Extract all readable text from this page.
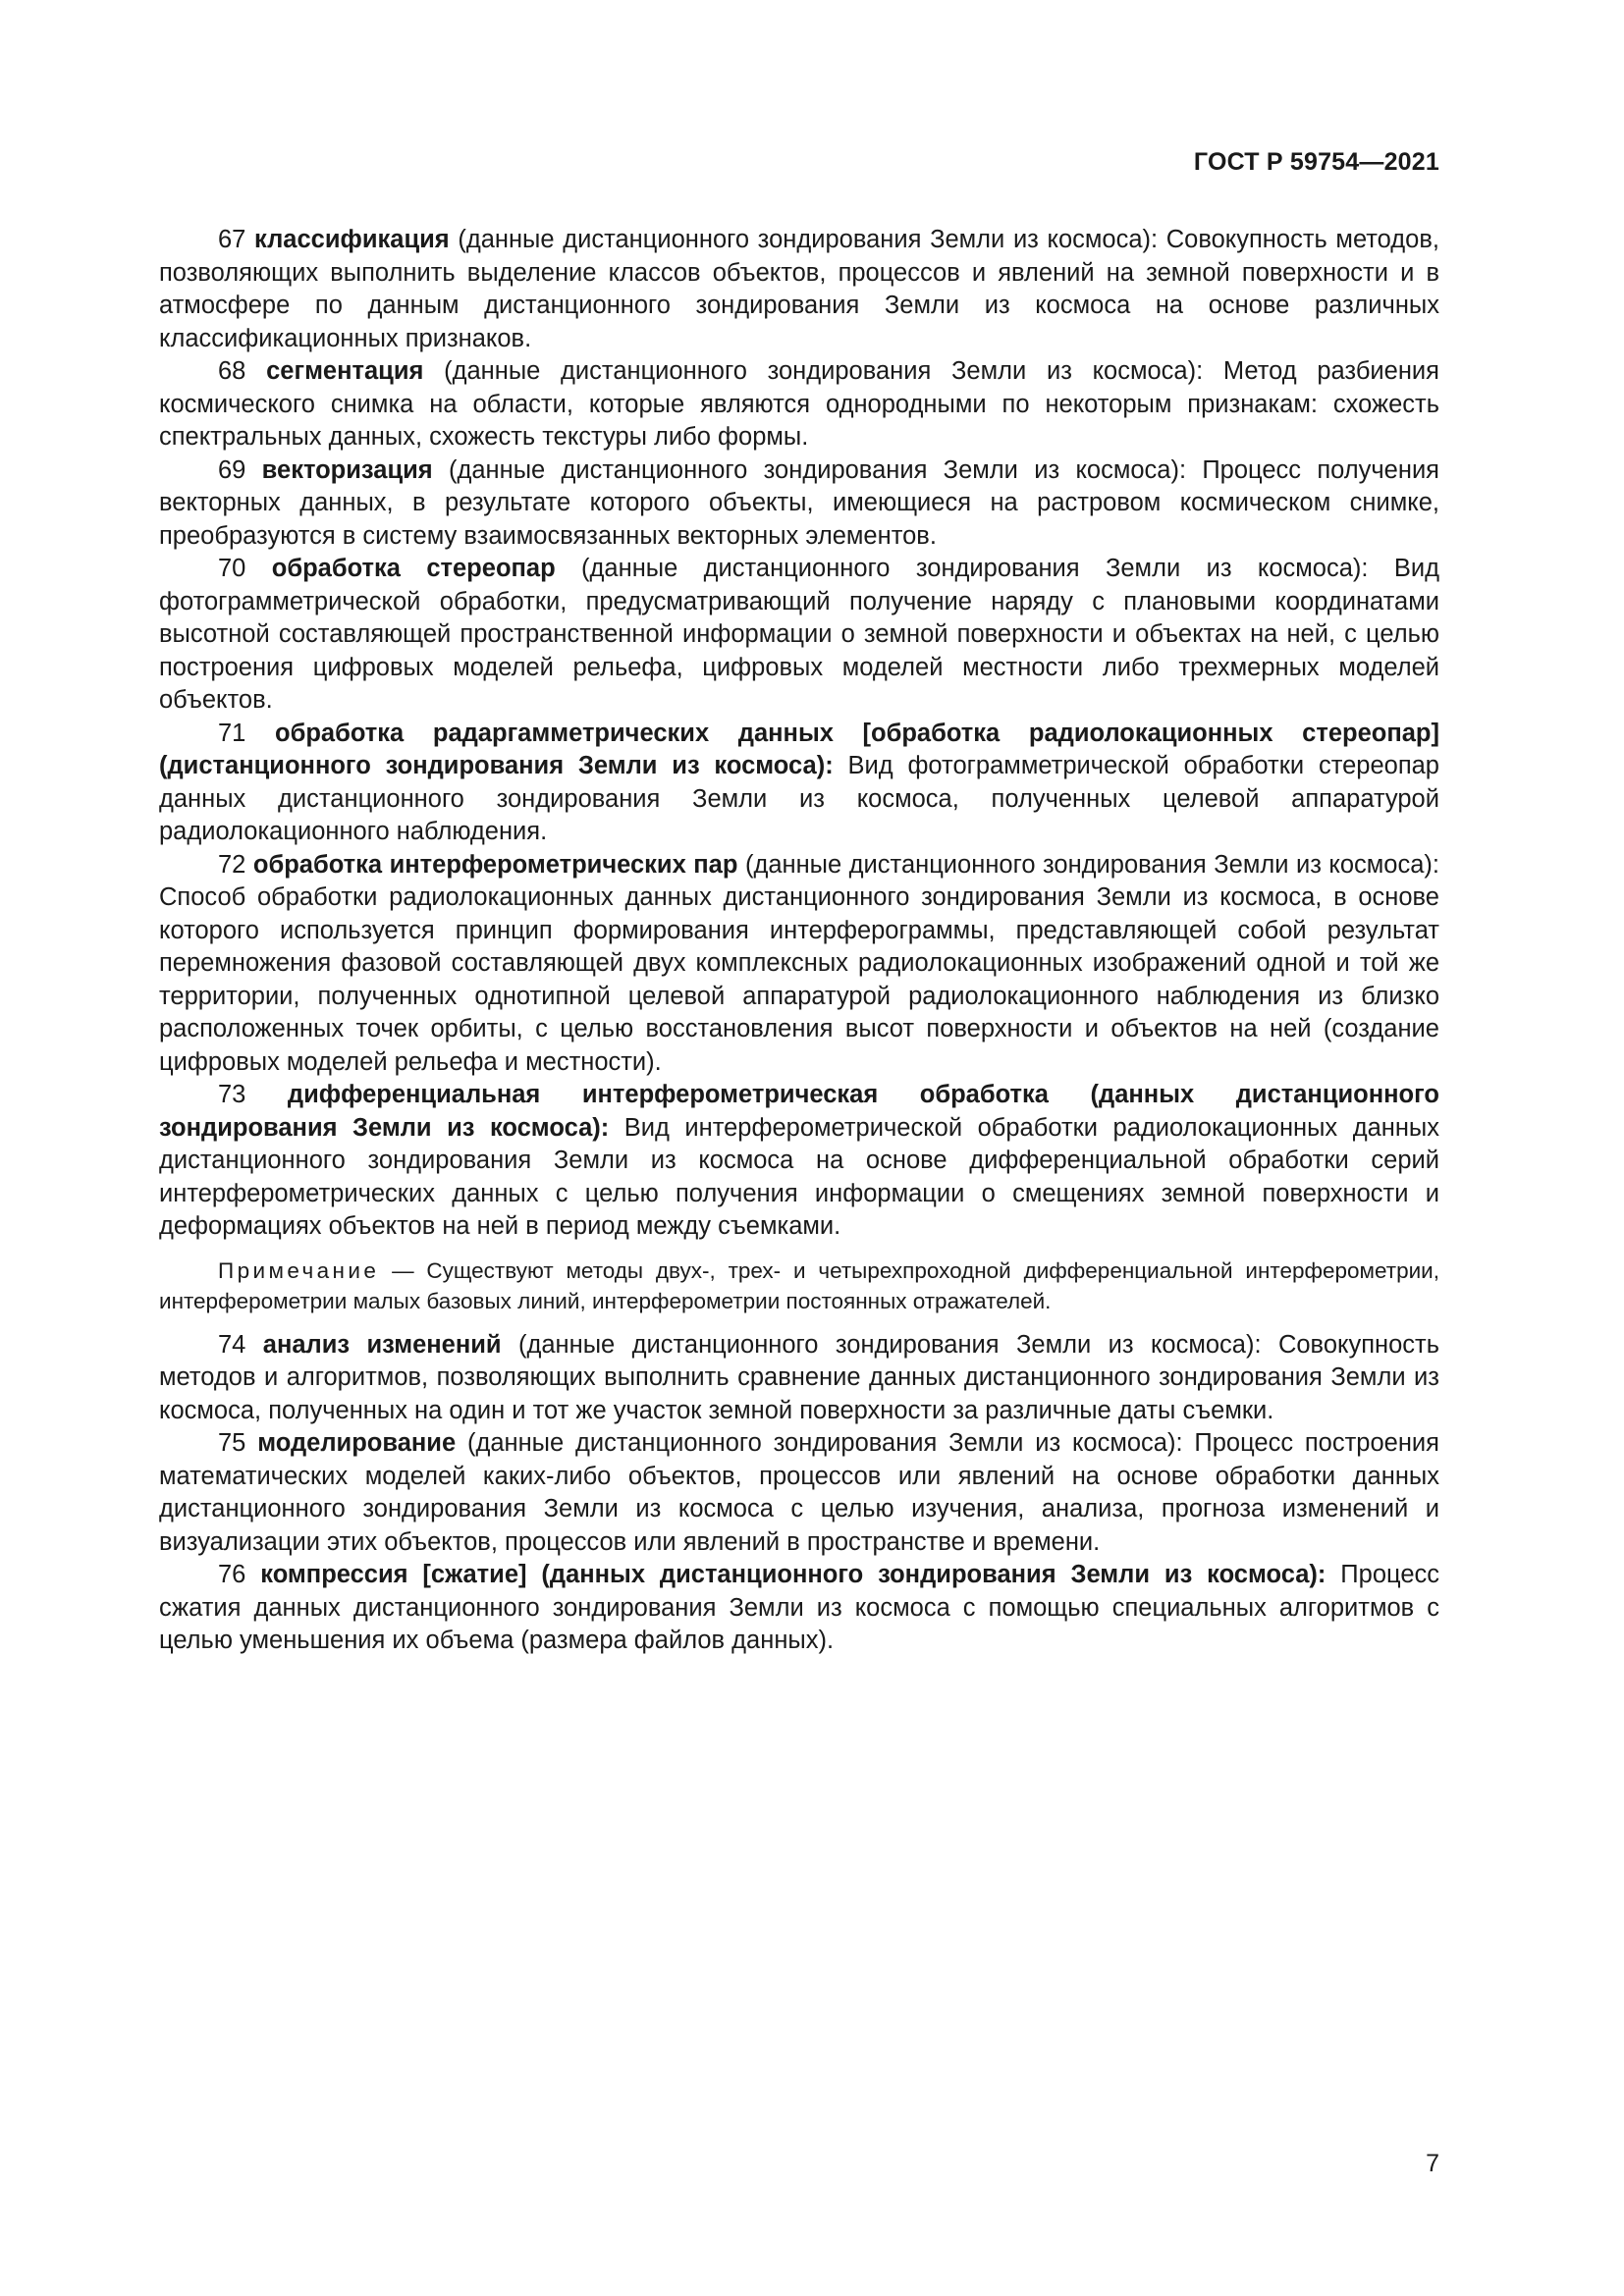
ГОСТ Р 59754—2021

67 классификация (данные дистанционного зондирования Земли из космоса): Совокупность методов, позволяющих выполнить выделение классов объектов, процессов и явлений на земной поверхности и в атмосфере по данным дистанционного зондирования Земли из космоса на основе различных классификационных признаков.

68 сегментация (данные дистанционного зондирования Земли из космоса): Метод разбиения космического снимка на области, которые являются однородными по некоторым признакам: схожесть спектральных данных, схожесть текстуры либо формы.

69 векторизация (данные дистанционного зондирования Земли из космоса): Процесс получения векторных данных, в результате которого объекты, имеющиеся на растровом космическом снимке, преобразуются в систему взаимосвязанных векторных элементов.

70 обработка стереопар (данные дистанционного зондирования Земли из космоса): Вид фотограмметрической обработки, предусматривающий получение наряду с плановыми координатами высотной составляющей пространственной информации о земной поверхности и объектах на ней, с целью построения цифровых моделей рельефа, цифровых моделей местности либо трехмерных моделей объектов.

71 обработка радаргамметрических данных [обработка радиолокационных стереопар] (дистанционного зондирования Земли из космоса): Вид фотограмметрической обработки стереопар данных дистанционного зондирования Земли из космоса, полученных целевой аппаратурой радиолокационного наблюдения.

72 обработка интерферометрических пар (данные дистанционного зондирования Земли из космоса): Способ обработки радиолокационных данных дистанционного зондирования Земли из космоса, в основе которого используется принцип формирования интерферограммы, представляющей собой результат перемножения фазовой составляющей двух комплексных радиолокационных изображений одной и той же территории, полученных однотипной целевой аппаратурой радиолокационного наблюдения из близко расположенных точек орбиты, с целью восстановления высот поверхности и объектов на ней (создание цифровых моделей рельефа и местности).

73 дифференциальная интерферометрическая обработка (данных дистанционного зондирования Земли из космоса): Вид интерферометрической обработки радиолокационных данных дистанционного зондирования Земли из космоса на основе дифференциальной обработки серий интерферометрических данных с целью получения информации о смещениях земной поверхности и деформациях объектов на ней в период между съемками.

Примечание — Существуют методы двух-, трех- и четырехпроходной дифференциальной интерферометрии, интерферометрии малых базовых линий, интерферометрии постоянных отражателей.

74 анализ изменений (данные дистанционного зондирования Земли из космоса): Совокупность методов и алгоритмов, позволяющих выполнить сравнение данных дистанционного зондирования Земли из космоса, полученных на один и тот же участок земной поверхности за различные даты съемки.

75 моделирование (данные дистанционного зондирования Земли из космоса): Процесс построения математических моделей каких-либо объектов, процессов или явлений на основе обработки данных дистанционного зондирования Земли из космоса с целью изучения, анализа, прогноза изменений и визуализации этих объектов, процессов или явлений в пространстве и времени.

76 компрессия [сжатие] (данных дистанционного зондирования Земли из космоса): Процесс сжатия данных дистанционного зондирования Земли из космоса с помощью специальных алгоритмов с целью уменьшения их объема (размера файлов данных).

7
